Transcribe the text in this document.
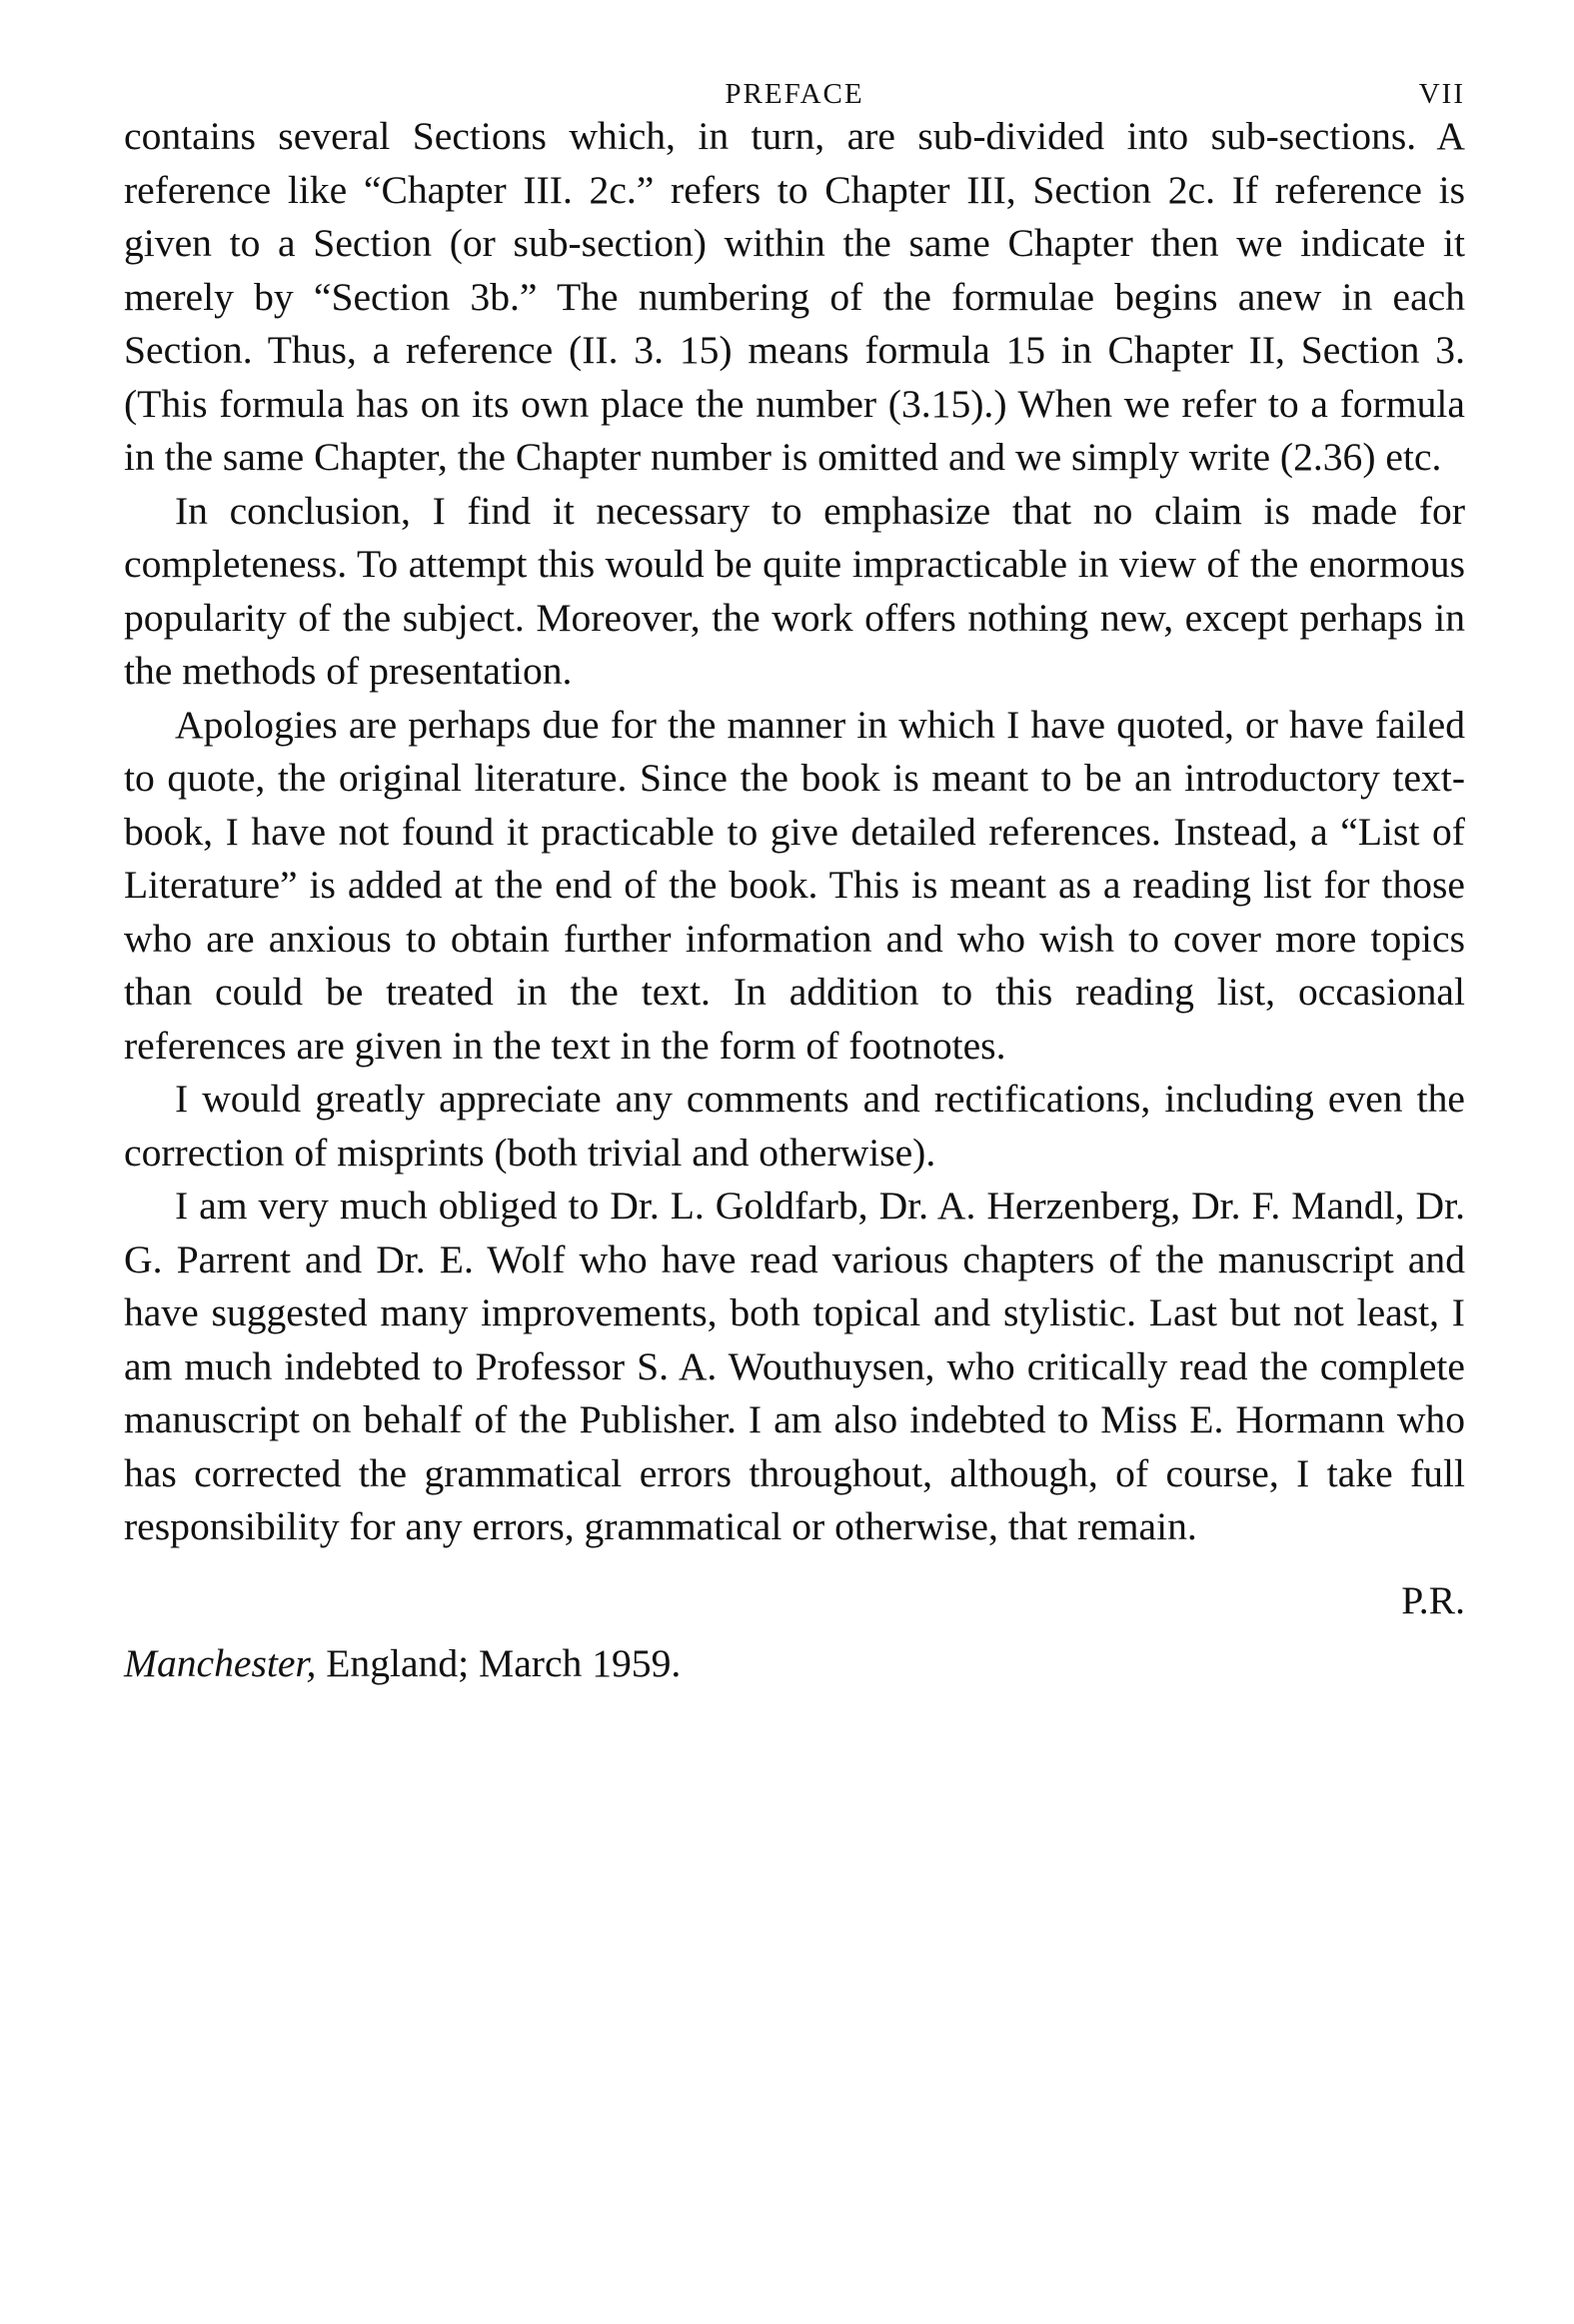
PREFACE	VII

contains several Sections which, in turn, are sub-divided into sub-sections. A reference like “Chapter III. 2c.” refers to Chapter III, Section 2c. If reference is given to a Section (or sub-section) within the same Chapter then we indicate it merely by “Section 3b.” The numbering of the formulae begins anew in each Section. Thus, a reference (II. 3. 15) means formula 15 in Chapter II, Section 3. (This formula has on its own place the number (3.15).) When we refer to a formula in the same Chapter, the Chapter number is omitted and we simply write (2.36) etc.

In conclusion, I find it necessary to emphasize that no claim is made for completeness. To attempt this would be quite impracticable in view of the enormous popularity of the subject. Moreover, the work offers nothing new, except perhaps in the methods of presentation.

Apologies are perhaps due for the manner in which I have quoted, or have failed to quote, the original literature. Since the book is meant to be an introductory text-book, I have not found it practicable to give detailed references. Instead, a “List of Literature” is added at the end of the book. This is meant as a reading list for those who are anxious to obtain further information and who wish to cover more topics than could be treated in the text. In addition to this reading list, occasional references are given in the text in the form of footnotes.

I would greatly appreciate any comments and rectifications, including even the correction of misprints (both trivial and otherwise).

I am very much obliged to Dr. L. Goldfarb, Dr. A. Herzenberg, Dr. F. Mandl, Dr. G. Parrent and Dr. E. Wolf who have read various chapters of the manuscript and have suggested many improvements, both topical and stylistic. Last but not least, I am much indebted to Professor S. A. Wouthuysen, who critically read the complete manuscript on behalf of the Publisher. I am also indebted to Miss E. Hormann who has corrected the grammatical errors throughout, although, of course, I take full responsibility for any errors, grammatical or otherwise, that remain.

P.R.
Manchester, England; March 1959.
